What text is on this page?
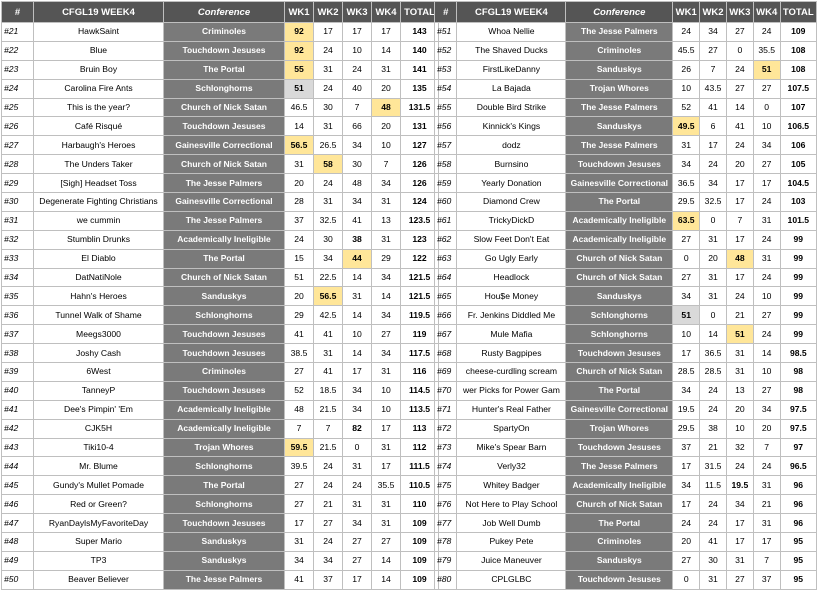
#	CFGL19 WEEK4	Conference	WK1	WK2	WK3	WK4	TOTAL
#21	HawkSaint	Criminoles	92	17	17	17	143
#22	Blue	Touchdown Jesuses	92	24	10	14	140
#23	Bruin Boy	The Portal	55	31	24	31	141
#24	Carolina Fire Ants	Schlonghorns	51	24	40	20	135
#25	This is the year?	Church of Nick Satan	46.5	30	7	48	131.5
#26	Café Risqué	Touchdown Jesuses	14	31	66	20	131
#27	Harbaugh's Heroes	Gainesville Correctional	56.5	26.5	34	10	127
#28	The Unders Taker	Church of Nick Satan	31	58	30	7	126
#29	[Sigh] Headset Toss	The Jesse Palmers	20	24	48	34	126
#30	Degenerate Fighting Christians	Gainesville Correctional	28	31	34	31	124
#31	we cummin	The Jesse Palmers	37	32.5	41	13	123.5
#32	Stumblin Drunks	Academically Ineligible	24	30	38	31	123
#33	El Diablo	The Portal	15	34	44	29	122
#34	DatNatiNole	Church of Nick Satan	51	22.5	14	34	121.5
#35	Hahn's Heroes	Sanduskys	20	56.5	31	14	121.5
#36	Tunnel Walk of Shame	Schlonghorns	29	42.5	14	34	119.5
#37	Meegs3000	Touchdown Jesuses	41	41	10	27	119
#38	Joshy Cash	Touchdown Jesuses	38.5	31	14	34	117.5
#39	6West	Criminoles	27	41	17	31	116
#40	TanneyP	Touchdown Jesuses	52	18.5	34	10	114.5
#41	Dee's Pimpin' 'Em	Academically Ineligible	48	21.5	34	10	113.5
#42	CJK5H	Academically Ineligible	7	7	82	17	113
#43	Tiki10-4	Trojan Whores	59.5	21.5	0	31	112
#44	Mr. Blume	Schlonghorns	39.5	24	31	17	111.5
#45	Gundy's Mullet Pomade	The Portal	27	24	24	35.5	110.5
#46	Red or Green?	Schlonghorns	27	21	31	31	110
#47	RyanDaylsMyFavoriteDay	Touchdown Jesuses	17	27	34	31	109
#48	Super Mario	Sanduskys	31	24	27	27	109
#49	TP3	Sanduskys	34	34	27	14	109
#50	Beaver Believer	The Jesse Palmers	41	37	17	14	109
#	CFGL19 WEEK4	Conference	WK1	WK2	WK3	WK4	TOTAL
#51	Whoa Nellie	The Jesse Palmers	24	34	27	24	109
#52	The Shaved Ducks	Criminoles	45.5	27	0	35.5	108
#53	FirstLikeDanny	Sanduskys	26	7	24	51	108
#54	La Bajada	Trojan Whores	10	43.5	27	27	107.5
#55	Double Bird Strike	The Jesse Palmers	52	41	14	0	107
#56	Kinnick's Kings	Sanduskys	49.5	6	41	10	106.5
#57	dodz	The Jesse Palmers	31	17	24	34	106
#58	Burnsino	Touchdown Jesuses	34	24	20	27	105
#59	Yearly Donation	Gainesville Correctional	36.5	34	17	17	104.5
#60	Diamond Crew	The Portal	29.5	32.5	17	24	103
#61	TrickyDickD	Academically Ineligible	63.5	0	7	31	101.5
#62	Slow Feet Don't Eat	Academically Ineligible	27	31	17	24	99
#63	Go Ugly Early	Church of Nick Satan	0	20	48	31	99
#64	Headlock	Church of Nick Satan	27	31	17	24	99
#65	Hou$e Money	Sanduskys	34	31	24	10	99
#66	Fr. Jenkins Diddled Me	Schlonghorns	51	0	21	27	99
#67	Mule Mafia	Schlonghorns	10	14	51	24	99
#68	Rusty Bagpipes	Touchdown Jesuses	17	36.5	31	14	98.5
#69	cheese-curdling scream	Church of Nick Satan	28.5	28.5	31	10	98
#70	wer Picks for Power Gam	The Portal	34	24	13	27	98
#71	Hunter's Real Father	Gainesville Correctional	19.5	24	20	34	97.5
#72	SpartyOn	Trojan Whores	29.5	38	10	20	97.5
#73	Mike's Spear Barn	Touchdown Jesuses	37	21	32	7	97
#74	Verly32	The Jesse Palmers	17	31.5	24	24	96.5
#75	Whitey Badger	Academically Ineligible	34	11.5	19.5	31	96
#76	Not Here to Play School	Church of Nick Satan	17	24	34	21	96
#77	Job Well Dumb	The Portal	24	24	17	31	96
#78	Pukey Pete	Criminoles	20	41	17	17	95
#79	Juice Maneuver	Sanduskys	27	30	31	7	95
#80	CPLGLBC	Touchdown Jesuses	0	31	27	37	95
